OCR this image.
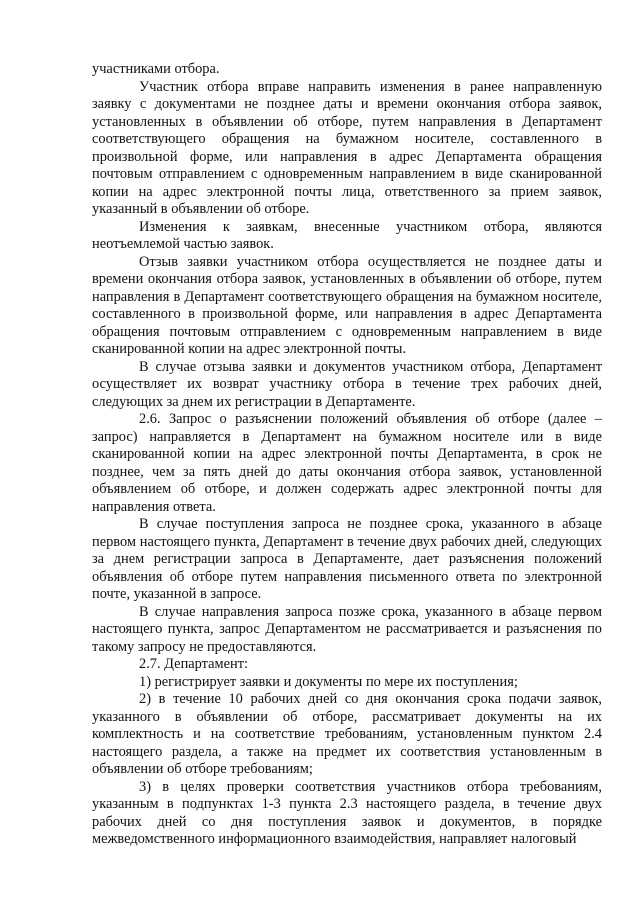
участниками отбора.

Участник отбора вправе направить изменения в ранее направленную заявку с документами не позднее даты и времени окончания отбора заявок, установленных в объявлении об отборе, путем направления в Департамент соответствующего обращения на бумажном носителе, составленного в произвольной форме, или направления в адрес Департамента обращения почтовым отправлением с одновременным направлением в виде сканированной копии на адрес электронной почты лица, ответственного за прием заявок, указанный в объявлении об отборе.

Изменения к заявкам, внесенные участником отбора, являются неотъемлемой частью заявок.

Отзыв заявки участником отбора осуществляется не позднее даты и времени окончания отбора заявок, установленных в объявлении об отборе, путем направления в Департамент соответствующего обращения на бумажном носителе, составленного в произвольной форме, или направления в адрес Департамента обращения почтовым отправлением с одновременным направлением в виде сканированной копии на адрес электронной почты.

В случае отзыва заявки и документов участником отбора, Департамент осуществляет их возврат участнику отбора в течение трех рабочих дней, следующих за днем их регистрации в Департаменте.

2.6. Запрос о разъяснении положений объявления об отборе (далее – запрос) направляется в Департамент на бумажном носителе или в виде сканированной копии на адрес электронной почты Департамента, в срок не позднее, чем за пять дней до даты окончания отбора заявок, установленной объявлением об отборе, и должен содержать адрес электронной почты для направления ответа.

В случае поступления запроса не позднее срока, указанного в абзаце первом настоящего пункта, Департамент в течение двух рабочих дней, следующих за днем регистрации запроса в Департаменте, дает разъяснения положений объявления об отборе путем направления письменного ответа по электронной почте, указанной в запросе.

В случае направления запроса позже срока, указанного в абзаце первом настоящего пункта, запрос Департаментом не рассматривается и разъяснения по такому запросу не предоставляются.

2.7. Департамент:

1) регистрирует заявки и документы по мере их поступления;

2) в течение 10 рабочих дней со дня окончания срока подачи заявок, указанного в объявлении об отборе, рассматривает документы на их комплектность и на соответствие требованиям, установленным пунктом 2.4 настоящего раздела, а также на предмет их соответствия установленным в объявлении об отборе требованиям;

3) в целях проверки соответствия участников отбора требованиям, указанным в подпунктах 1-3 пункта 2.3 настоящего раздела, в течение двух рабочих дней со дня поступления заявок и документов, в порядке межведомственного информационного взаимодействия, направляет налоговый
